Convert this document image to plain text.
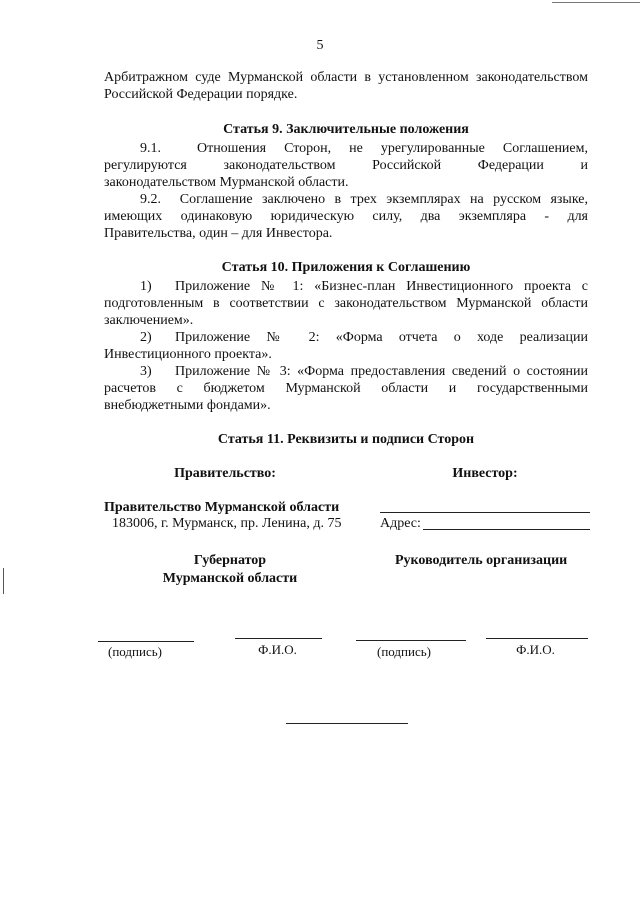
5
Арбитражном суде Мурманской области в установленном законодательством
Российской Федерации порядке.
Статья 9. Заключительные положения
9.1.  Отношения Сторон, не урегулированные Соглашением,
регулируются законодательством Российской Федерации и
законодательством Мурманской области.
9.2.  Соглашение заключено в трех экземплярах на русском языке,
имеющих одинаковую юридическую силу, два экземпляра - для
Правительства, один – для Инвестора.
Статья 10. Приложения к Соглашению
1)	Приложение № 1: «Бизнес-план Инвестиционного проекта с
подготовленным в соответствии с законодательством Мурманской области
заключением».
2)	Приложение № 2: «Форма отчета о ходе реализации
Инвестиционного проекта».
3)	Приложение № 3: «Форма предоставления сведений о состоянии
расчетов с бюджетом Мурманской области и государственными
внебюджетными фондами».
Статья 11. Реквизиты и подписи Сторон
Правительство:	Инвестор:
Правительство Мурманской области
183006, г. Мурманск, пр. Ленина, д. 75	Адрес:
Губернатор
Мурманской области
Руководитель организации
(подпись)	Ф.И.О.	(подпись)	Ф.И.О.
